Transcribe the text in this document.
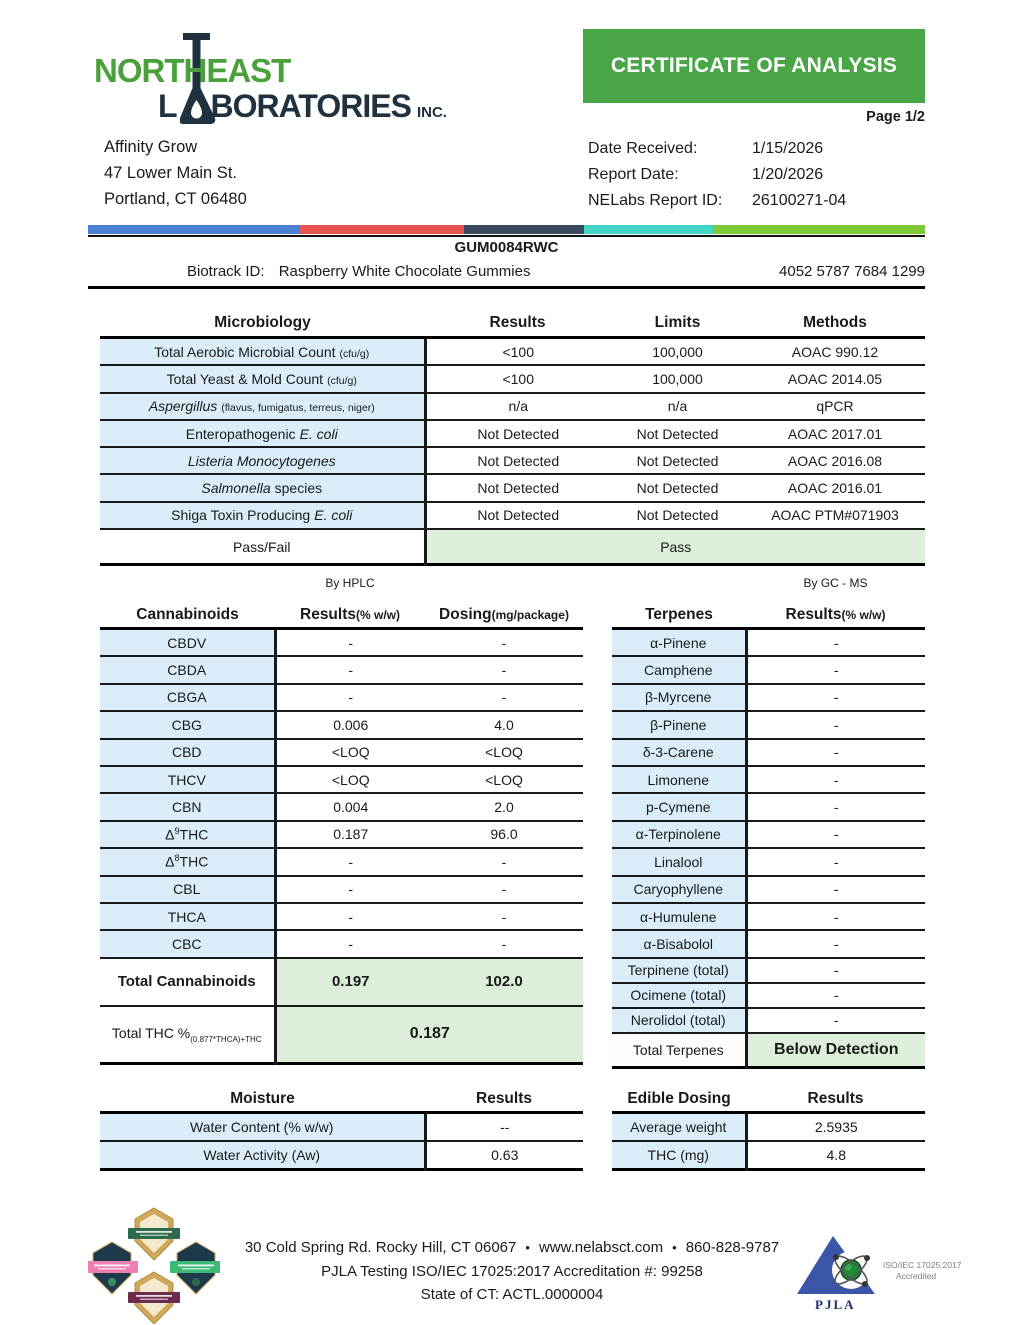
NORTHEAST
L BORATORIES INC.
CERTIFICATE OF ANALYSIS
Page 1/2
Affinity Grow
47 Lower Main St.
Portland, CT 06480
Date Received:	1/15/2026
Report Date:	1/20/2026
NELabs Report ID: 26100271-04
GUM0084RWC
4052 5787 7684 1299
Biotrack ID: Raspberry White Chocolate Gummies
Microbiology	Results	Limits	Methods
Total Aerobic Microbial Count (cfu/g)	<100	100,000	AOAC 990.12
Total Yeast & Mold Count (cfu/g)	<100	100,000	AOAC 2014.05
Aspergillus (flavus, fumigatus, terreus, niger)	n/a	n/a	qPCR
Enteropathogenic E. coli	Not Detected	Not Detected	AOAC 2017.01
Listeria Monocytogenes	Not Detected	Not Detected	AOAC 2016.08
Salmonella species	Not Detected	Not Detected	AOAC 2016.01
Shiga Toxin Producing E. coli	Not Detected	Not Detected	AOAC PTM#071903
Pass/Fail	Pass		
By HPLC	By GC - MS
Cannabinoids	Results(% w/w)	Dosing(mg/package)
CBDV	-	-
CBDA	-	-
CBGA	-	-
CBG	0.006	4.0
CBD	<LOQ	<LOQ
THCV	<LOQ	<LOQ
CBN	0.004	2.0
$\Delta^9THC$	0.187	96.0
$\Delta^8THC$	-	-
CBL	-	-
THCA	-	-
CBC	-	-
Total Cannabinoids	0.197	102.0
Total THC $\%_{(0.877*THCA)+THC}$	0.187	
Terpenes	Results(% w/w)
α-Pinene	-
Camphene	-
β-Myrcene	-
β-Pinene	-
δ-3-Carene	-
Limonene	-
p-Cymene	-
α-Terpinolene	-
Linalool	-
Caryophyllene	-
α-Humulene	-
α-Bisabolol	-
Terpinene (total)	-
Ocimene (total)	-
Nerolidol (total)	-
Total Terpenes	Below Detection
Moisture	Results
Water Content (% w/w)	--
Water Activity (Aw)	0.63
Edible Dosing	Results
Average weight	2.5935
THC (mg)	4.8
30 Cold Spring Rd. Rocky Hill, CT 06067 • www.nelabsct.com • 860-828-9787
PJLA Testing ISO/IEC 17025:2017 Accreditation #: 99258
State of CT: ACTL.0000004
ISO/IEC 17025:2017
Accredited
PJLA
